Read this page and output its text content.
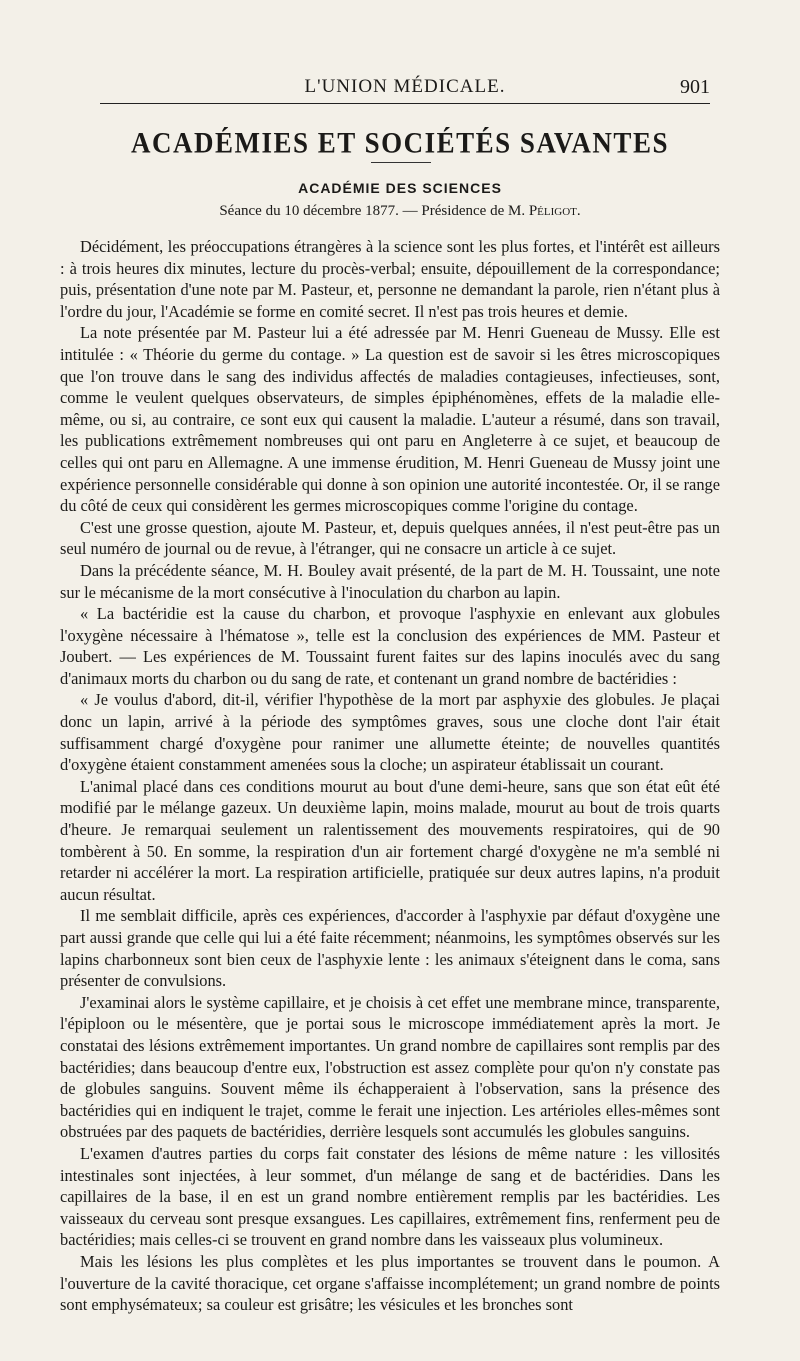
L'UNION MÉDICALE.	901
ACADÉMIES ET SOCIÉTÉS SAVANTES
ACADÉMIE DES SCIENCES
Séance du 10 décembre 1877. — Présidence de M. Péligot.

Décidément, les préoccupations étrangères à la science sont les plus fortes, et l'intérêt est ailleurs : à trois heures dix minutes, lecture du procès-verbal; ensuite, dépouillement de la correspondance; puis, présentation d'une note par M. Pasteur, et, personne ne demandant la parole, rien n'étant plus à l'ordre du jour, l'Académie se forme en comité secret. Il n'est pas trois heures et demie.

La note présentée par M. Pasteur lui a été adressée par M. Henri Gueneau de Mussy. Elle est intitulée : « Théorie du germe du contage. » La question est de savoir si les êtres microscopiques que l'on trouve dans le sang des individus affectés de maladies contagieuses, infectieuses, sont, comme le veulent quelques observateurs, de simples épiphénomènes, effets de la maladie elle-même, ou si, au contraire, ce sont eux qui causent la maladie. L'auteur a résumé, dans son travail, les publications extrêmement nombreuses qui ont paru en Angleterre à ce sujet, et beaucoup de celles qui ont paru en Allemagne. A une immense érudition, M. Henri Gueneau de Mussy joint une expérience personnelle considérable qui donne à son opinion une autorité incontestée. Or, il se range du côté de ceux qui considèrent les germes microscopiques comme l'origine du contage.

C'est une grosse question, ajoute M. Pasteur, et, depuis quelques années, il n'est peut-être pas un seul numéro de journal ou de revue, à l'étranger, qui ne consacre un article à ce sujet.

Dans la précédente séance, M. H. Bouley avait présenté, de la part de M. H. Toussaint, une note sur le mécanisme de la mort consécutive à l'inoculation du charbon au lapin.

« La bactéridie est la cause du charbon, et provoque l'asphyxie en enlevant aux globules l'oxygène nécessaire à l'hématose », telle est la conclusion des expériences de MM. Pasteur et Joubert. — Les expériences de M. Toussaint furent faites sur des lapins inoculés avec du sang d'animaux morts du charbon ou du sang de rate, et contenant un grand nombre de bactéridies :

« Je voulus d'abord, dit-il, vérifier l'hypothèse de la mort par asphyxie des globules. Je plaçai donc un lapin, arrivé à la période des symptômes graves, sous une cloche dont l'air était suffisamment chargé d'oxygène pour ranimer une allumette éteinte; de nouvelles quantités d'oxygène étaient constamment amenées sous la cloche; un aspirateur établissait un courant.

L'animal placé dans ces conditions mourut au bout d'une demi-heure, sans que son état eût été modifié par le mélange gazeux. Un deuxième lapin, moins malade, mourut au bout de trois quarts d'heure. Je remarquai seulement un ralentissement des mouvements respiratoires, qui de 90 tombèrent à 50. En somme, la respiration d'un air fortement chargé d'oxygène ne m'a semblé ni retarder ni accélérer la mort. La respiration artificielle, pratiquée sur deux autres lapins, n'a produit aucun résultat.

Il me semblait difficile, après ces expériences, d'accorder à l'asphyxie par défaut d'oxygène une part aussi grande que celle qui lui a été faite récemment; néanmoins, les symptômes observés sur les lapins charbonneux sont bien ceux de l'asphyxie lente : les animaux s'éteignent dans le coma, sans présenter de convulsions.

J'examinai alors le système capillaire, et je choisis à cet effet une membrane mince, transparente, l'épiploon ou le mésentère, que je portai sous le microscope immédiatement après la mort. Je constatai des lésions extrêmement importantes. Un grand nombre de capillaires sont remplis par des bactéridies; dans beaucoup d'entre eux, l'obstruction est assez complète pour qu'on n'y constate pas de globules sanguins. Souvent même ils échapperaient à l'observation, sans la présence des bactéridies qui en indiquent le trajet, comme le ferait une injection. Les artérioles elles-mêmes sont obstruées par des paquets de bactéridies, derrière lesquels sont accumulés les globules sanguins.

L'examen d'autres parties du corps fait constater des lésions de même nature : les villosités intestinales sont injectées, à leur sommet, d'un mélange de sang et de bactéridies. Dans les capillaires de la base, il en est un grand nombre entièrement remplis par les bactéridies. Les vaisseaux du cerveau sont presque exsangues. Les capillaires, extrêmement fins, renferment peu de bactéridies; mais celles-ci se trouvent en grand nombre dans les vaisseaux plus volumineux.

Mais les lésions les plus complètes et les plus importantes se trouvent dans le poumon. A l'ouverture de la cavité thoracique, cet organe s'affaisse incomplétement; un grand nombre de points sont emphysémateux; sa couleur est grisâtre; les vésicules et les bronches sont
